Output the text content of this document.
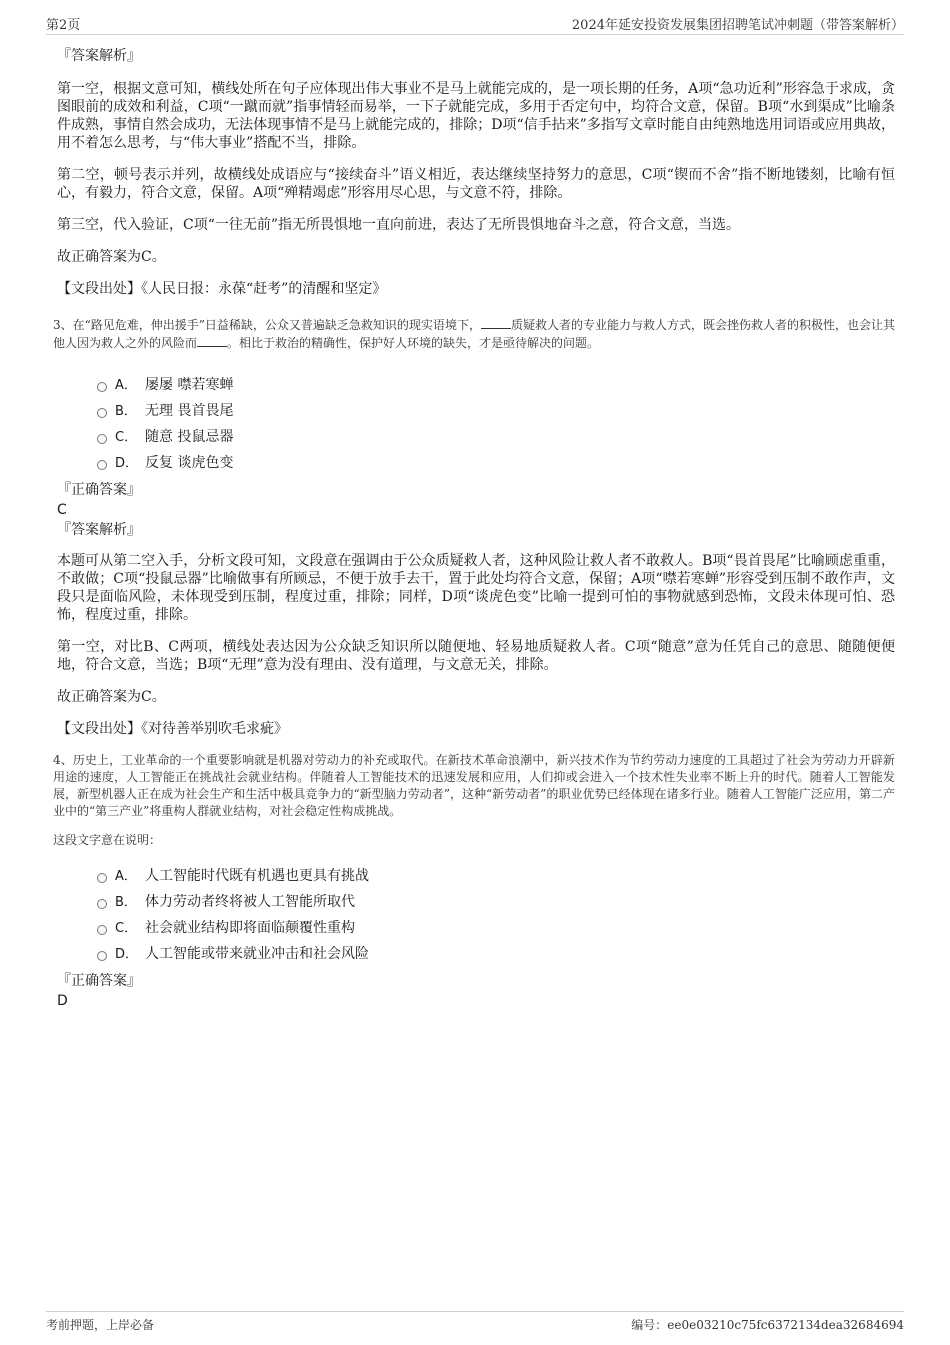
第2页	2024年延安投资发展集团招聘笔试冲刺题（带答案解析）

『答案解析』

第一空，根据文意可知，横线处所在句子应体现出伟大事业不是马上就能完成的，是一项长期的任务，A项“急功近利”形容急于求成，贪图眼前的成效和利益，C项“一蹴而就”指事情轻而易举，一下子就能完成，多用于否定句中，均符合文意，保留。B项“水到渠成”比喻条件成熟，事情自然会成功，无法体现事情不是马上就能完成的，排除；D项“信手拈来”多指写文章时能自由纯熟地选用词语或应用典故，用不着怎么思考，与“伟大事业”搭配不当，排除。

第二空，顿号表示并列，故横线处成语应与“接续奋斗”语义相近，表达继续坚持努力的意思，C项“锲而不舍”指不断地镂刻，比喻有恒心，有毅力，符合文意，保留。A项“殚精竭虑”形容用尽心思，与文意不符，排除。

第三空，代入验证，C项“一往无前”指无所畏惧地一直向前进，表达了无所畏惧地奋斗之意，符合文意，当选。

故正确答案为C。

【文段出处】《人民日报：永葆“赶考”的清醒和坚定》

3、在“路见危难，伸出援手”日益稀缺，公众又普遍缺乏急救知识的现实语境下，	质疑救人者的专业能力与救人方式，既会挫伤救人者的积极性，也会让其他人因为救人之外的风险而	。相比于救治的精确性，保护好人环境的缺失，才是亟待解决的问题。

A． 屡屡 噤若寒蝉
B． 无理 畏首畏尾
C． 随意 投鼠忌器
D． 反复 谈虎色变

『正确答案』

C

『答案解析』

本题可从第二空入手，分析文段可知，文段意在强调由于公众质疑救人者，这种风险让救人者不敢救人。B项“畏首畏尾”比喻顾虑重重，不敢做；C项“投鼠忌器”比喻做事有所顾忌，不便于放手去干，置于此处均符合文意，保留；A项“噤若寒蝉”形容受到压制不敢作声，文段只是面临风险，未体现受到压制，程度过重，排除；同样，D项“谈虎色变”比喻一提到可怕的事物就感到恐怖，文段未体现可怕、恐怖，程度过重，排除。

第一空，对比B、C两项，横线处表达因为公众缺乏知识所以随便地、轻易地质疑救人者。C项“随意”意为任凭自己的意思、随随便便地，符合文意，当选；B项“无理”意为没有理由、没有道理，与文意无关，排除。

故正确答案为C。

【文段出处】《对待善举别吹毛求疵》

4、历史上，工业革命的一个重要影响就是机器对劳动力的补充或取代。在新技术革命浪潮中，新兴技术作为节约劳动力速度的工具超过了社会为劳动力开辟新用途的速度，人工智能正在挑战社会就业结构。伴随着人工智能技术的迅速发展和应用，人们抑或会进入一个技术性失业率不断上升的时代。随着人工智能发展，新型机器人正在成为社会生产和生活中极具竞争力的“新型脑力劳动者”，这种“新劳动者”的职业优势已经体现在诸多行业。随着人工智能广泛应用，第二产业中的“第三产业”将重构人群就业结构，对社会稳定性构成挑战。

这段文字意在说明：

A． 人工智能时代既有机遇也更具有挑战
B． 体力劳动者终将被人工智能所取代
C． 社会就业结构即将面临颠覆性重构
D． 人工智能或带来就业冲击和社会风险

『正确答案』

D

考前押题，上岸必备	编号：ee0e03210c75fc6372134dea32684694
